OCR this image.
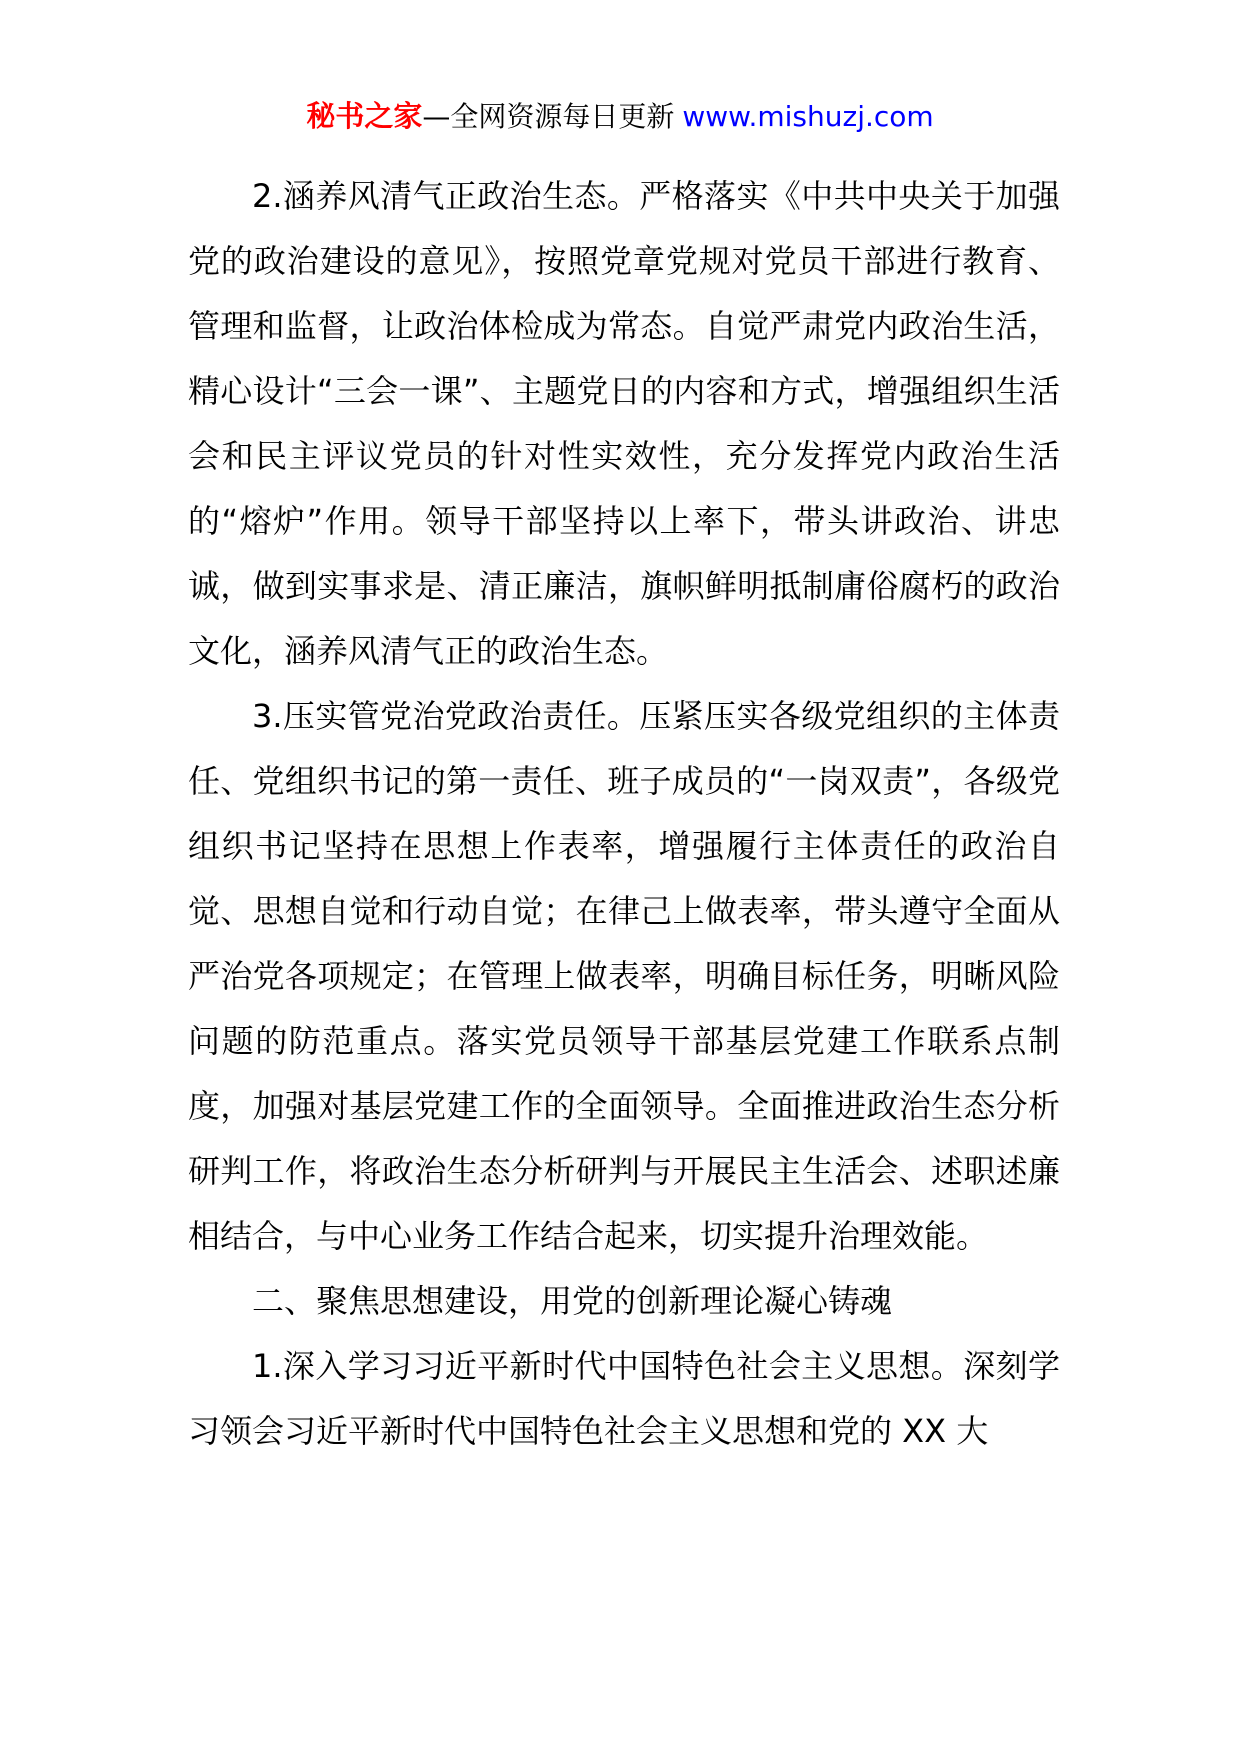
秘书之家—全网资源每日更新 www.mishuzj.com

2.涵养风清气正政治生态。严格落实《中共中央关于加强党的政治建设的意见》，按照党章党规对党员干部进行教育、管理和监督，让政治体检成为常态。自觉严肃党内政治生活，精心设计“三会一课”、主题党日的内容和方式，增强组织生活会和民主评议党员的针对性实效性，充分发挥党内政治生活的“熔炉”作用。领导干部坚持以上率下，带头讲政治、讲忠诚，做到实事求是、清正廉洁，旗帜鲜明抵制庸俗腐朽的政治文化，涵养风清气正的政治生态。

3.压实管党治党政治责任。压紧压实各级党组织的主体责任、党组织书记的第一责任、班子成员的“一岗双责”，各级党组织书记坚持在思想上作表率，增强履行主体责任的政治自觉、思想自觉和行动自觉；在律己上做表率，带头遵守全面从严治党各项规定；在管理上做表率，明确目标任务，明晰风险问题的防范重点。落实党员领导干部基层党建工作联系点制度，加强对基层党建工作的全面领导。全面推进政治生态分析研判工作，将政治生态分析研判与开展民主生活会、述职述廉相结合，与中心业务工作结合起来，切实提升治理效能。

二、聚焦思想建设，用党的创新理论凝心铸魂

1.深入学习习近平新时代中国特色社会主义思想。深刻学习领会习近平新时代中国特色社会主义思想和党的 XX 大
